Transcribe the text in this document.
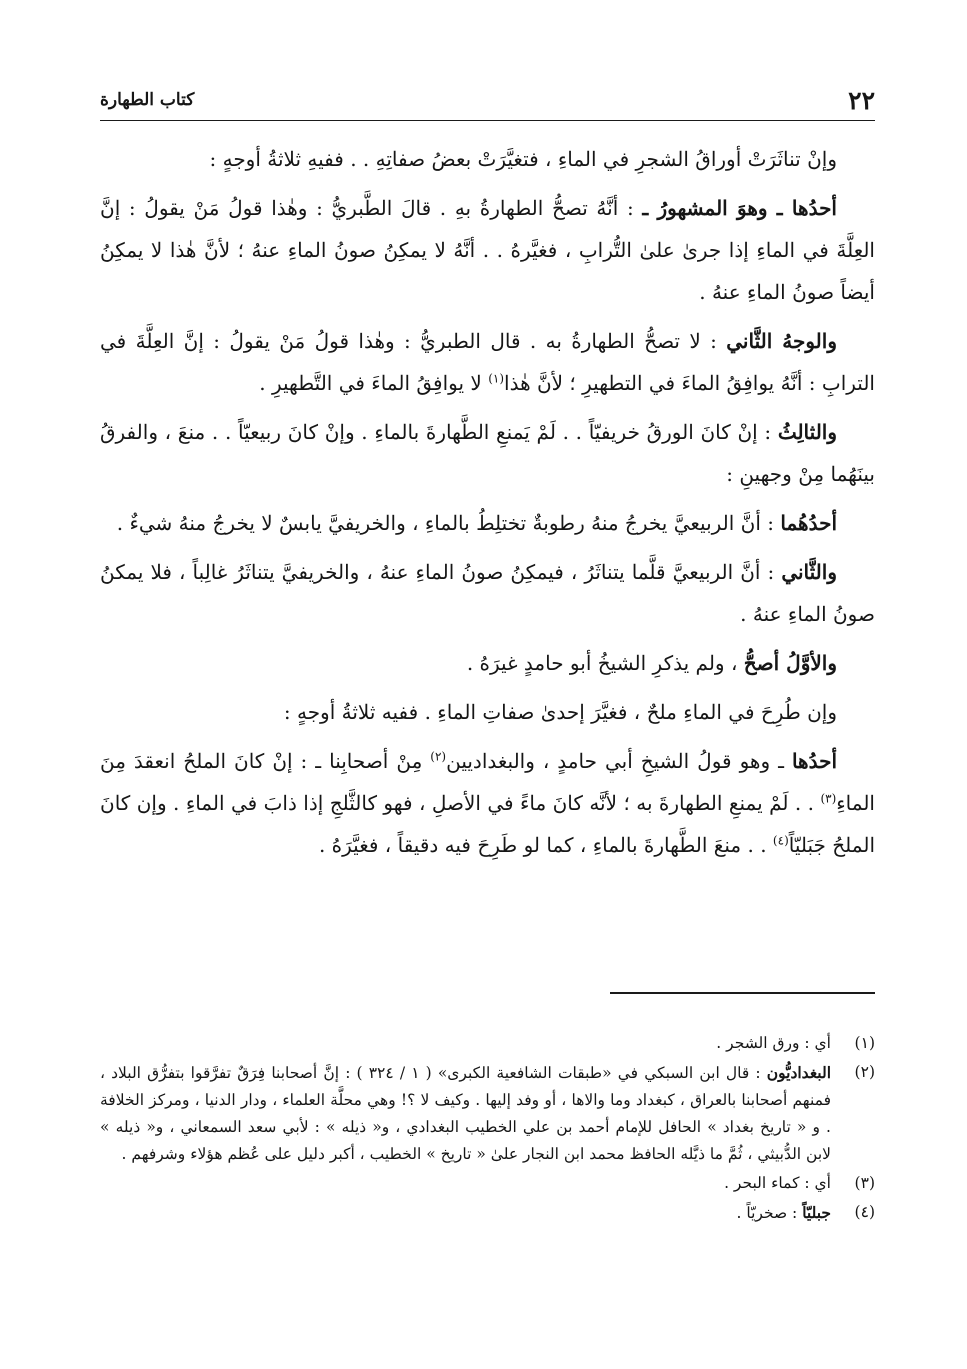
٢٢
كتاب الطهارة

وإنْ تناثَرَتْ أوراقُ الشجرِ في الماءِ ، فتغيَّرَتْ بعضُ صفاتِهِ . . ففيهِ ثلاثةُ أوجهٍ :

أحدُها ـ وهوَ المشهورُ ـ : أنَّهُ تصحُّ الطهارةُ بهِ . قالَ الطَّبريُّ : وهٰذا قولُ مَنْ يقولُ : إنَّ العِلَّةَ في الماءِ إذا جرىٰ علىٰ التُّرابِ ، فغيَّرهُ . . أنَّهُ لا يمكِنُ صونُ الماءِ عنهُ ؛ لأنَّ هٰذا لا يمكِنُ أيضاً صونُ الماءِ عنهُ .

والوجهُ الثَّاني : لا تصحُّ الطهارةُ به . قال الطبريُّ : وهٰذا قولُ مَنْ يقولُ : إنَّ العِلَّةَ في الترابِ : أنَّهُ يوافِقُ الماءَ في التطهيرِ ؛ لأنَّ هٰذا$^{(١)}$ لا يوافِقُ الماءَ في التَّطهيرِ .

والثالِثُ : إنْ كانَ الورقُ خريفيّاً . . لَمْ يَمنعِ الطَّهارةَ بالماءِ . وإنْ كانَ ربيعيّاً . . منعَ ، والفرقُ بينَهُما مِنْ وجهينِ :

أحدُهُما : أنَّ الربيعيَّ يخرجُ منهُ رطوبةٌ تختلِطُ بالماءِ ، والخريفيَّ يابسٌ لا يخرجُ منهُ شيءٌ .

والثَّاني : أنَّ الربيعيَّ قلَّما يتناثَرُ ، فيمكِنُ صونُ الماءِ عنهُ ، والخريفيَّ يتناثَرُ غالِباً ، فلا يمكنُ صونُ الماءِ عنهُ .

والأوَّلُ أصحُّ ، ولم يذكرِ الشيخُ أبو حامدٍ غيرَهُ .

وإن طُرِحَ في الماءِ ملحٌ ، فغيَّرَ إحدىٰ صفاتِ الماءِ . ففيه ثلاثةُ أوجهٍ :

أحدُها ـ وهو قولُ الشيخِ أبي حامدٍ ، والبغداديين$^{(٢)}$ مِنْ أصحابِنا ـ : إنْ كانَ الملحُ انعقدَ مِنَ الماءِ$^{(٣)}$ . . لَمْ يمنعِ الطهارةَ به ؛ لأنَّه كانَ ماءً في الأصلِ ، فهو كالثَّلجِ إذا ذابَ في الماءِ . وإن كانَ الملحُ جَبَليّاً$^{(٤)}$ . . منعَ الطَّهارةَ بالماءِ ، كما لو طَرِحَ فيه دقيقاً ، فغيَّرَهُ .

(١)
أي : ورق الشجر .
(٢)
البغداديُّون : قال ابن السبكي في «طبقات الشافعية الكبرى» ( ١ / ٣٢٤ ) : إنَّ أصحابنا فِرَقٌ تفرَّقوا بتفرُّق البلاد ، فمنهم أصحابنا بالعراق ، كبغداد وما والاها ، أو وفد إليها . وكيف لا ؟! وهي محلَّة العلماء ، ودار الدنيا ، ومركز الخلافة . و « تاريخ بغداد » الحافل للإمام أحمد بن علي الخطيب البغدادي ، و« ذيله » : لأبي سعد السمعاني ، و« ذيله » لابن الدُّبيثي ، ثُمَّ ما ذيَّله الحافظ محمد ابن النجار علىٰ « تاريخ » الخطيب ، أكبر دليل على عُظم هؤلاء وشرفهم .
(٣)
أي : كماء البحر .
(٤)
جبليّاً : صخريّاً .
